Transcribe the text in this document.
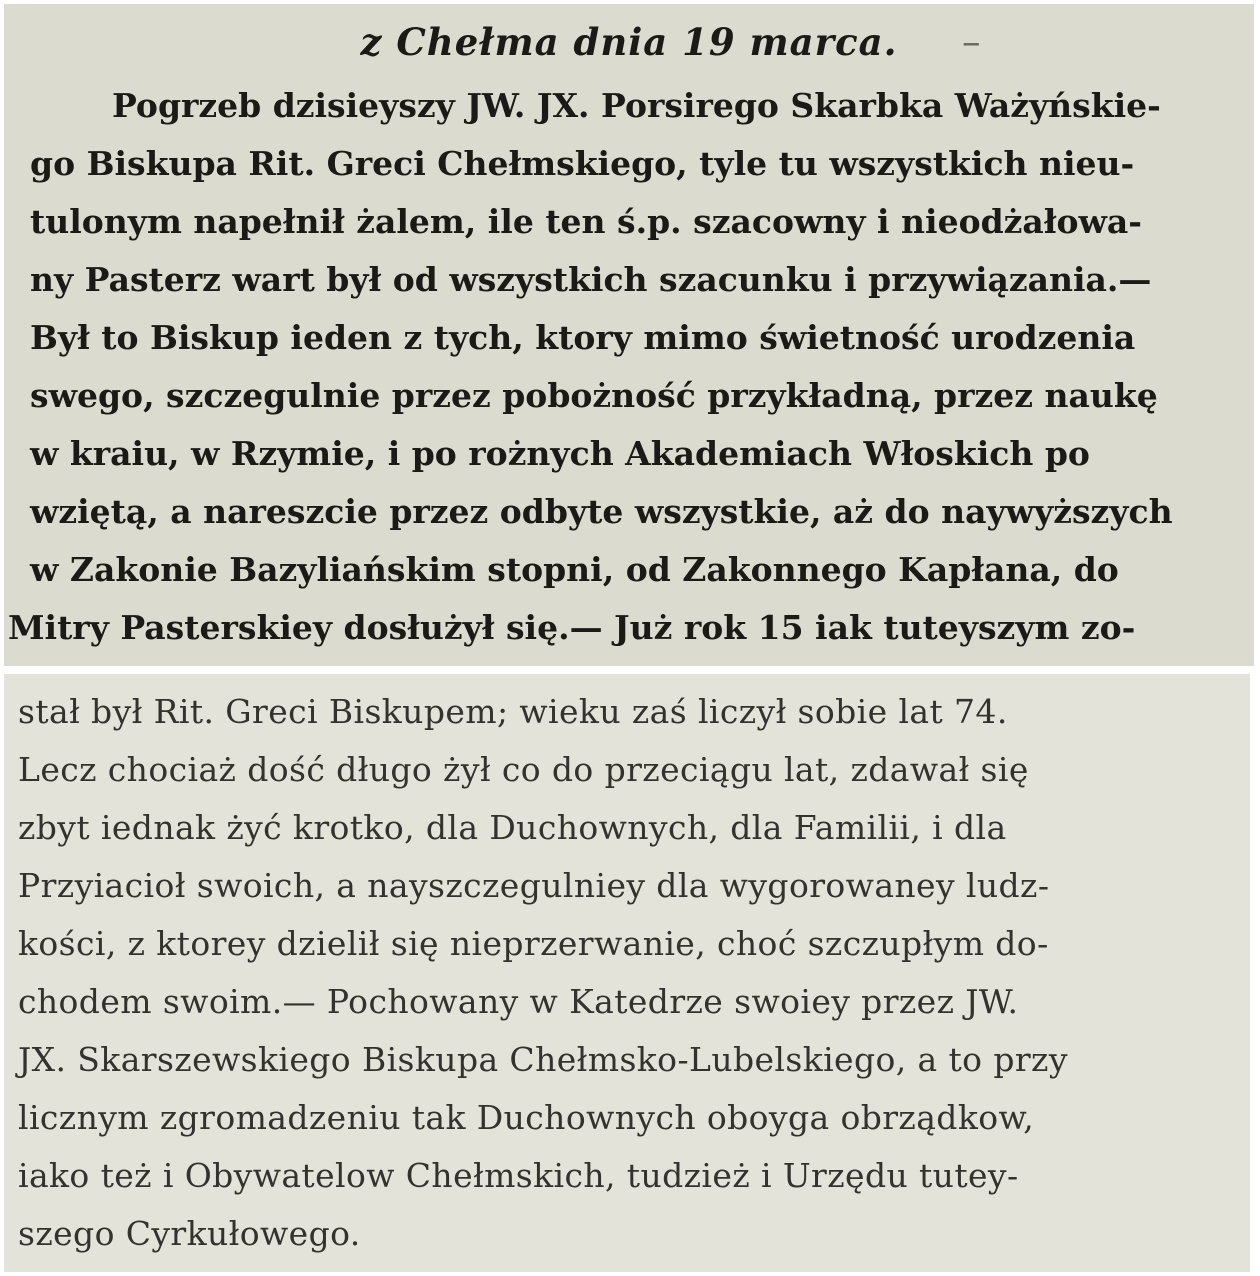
z Chełma dnia 19 marca. –
Pogrzeb dzisieyszy JW. JX. Porsirego Skarbka Ważyńskie-
go Biskupa Rit. Greci Chełmskiego, tyle tu wszystkich nieu-
tulonym napełnił żalem, ile ten ś.p. szacowny i nieodżałowa-
ny Pasterz wart był od wszystkich szacunku i przywiązania.—
Był to Biskup ieden z tych, ktory mimo świetność urodzenia
swego, szczegulnie przez pobożność przykładną, przez naukę
w kraiu, w Rzymie, i po rożnych Akademiach Włoskich po
wziętą, a nareszcie przez odbyte wszystkie, aż do naywyższych
w Zakonie Bazyliańskim stopni, od Zakonnego Kapłana, do
Mitry Pasterskiey dosłużył się.— Już rok 15 iak tuteyszym zo-
stał był Rit. Greci Biskupem; wieku zaś liczył sobie lat 74.
Lecz chociaż dość długo żył co do przeciągu lat, zdawał się
zbyt iednak żyć krotko, dla Duchownych, dla Familii, i dla
Przyiacioł swoich, a nayszczegulniey dla wygorowaney ludz-
kości, z ktorey dzielił się nieprzerwanie, choć szczupłym do-
chodem swoim.— Pochowany w Katedrze swoiey przez JW.
JX. Skarszewskiego Biskupa Chełmsko-Lubelskiego, a to przy
licznym zgromadzeniu tak Duchownych oboyga obrządkow,
iako też i Obywatelow Chełmskich, tudzież i Urzędu tutey-
szego Cyrkułowego.
